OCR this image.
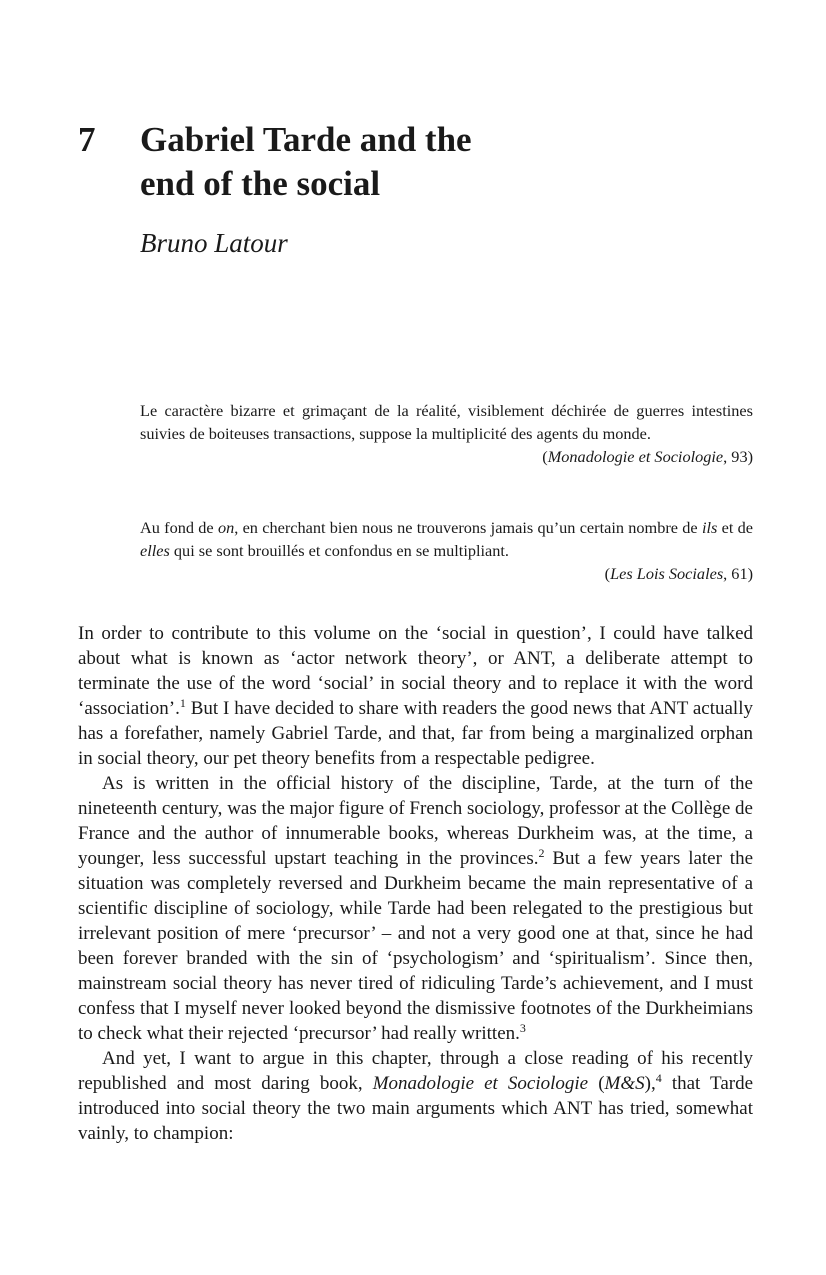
7 Gabriel Tarde and the
end of the social
Bruno Latour
Le caractère bizarre et grimaçant de la réalité, visiblement déchirée de guerres intestines suivies de boiteuses transactions, suppose la multiplicité des agents du monde.
(Monadologie et Sociologie, 93)
Au fond de on, en cherchant bien nous ne trouverons jamais qu’un certain nombre de ils et de elles qui se sont brouillés et confondus en se multipliant.
(Les Lois Sociales, 61)

In order to contribute to this volume on the ‘social in question’, I could have talked about what is known as ‘actor network theory’, or ANT, a deliberate attempt to terminate the use of the word ‘social’ in social theory and to replace it with the word ‘association’.$^1$ But I have decided to share with readers the good news that ANT actually has a forefather, namely Gabriel Tarde, and that, far from being a marginalized orphan in social theory, our pet theory benefits from a respectable pedigree.

As is written in the official history of the discipline, Tarde, at the turn of the nineteenth century, was the major figure of French sociology, professor at the Collège de France and the author of innumerable books, whereas Durkheim was, at the time, a younger, less successful upstart teaching in the provinces.$^2$ But a few years later the situation was completely reversed and Durkheim became the main representative of a scientific discipline of sociology, while Tarde had been relegated to the prestigious but irrelevant position of mere ‘precursor’ – and not a very good one at that, since he had been forever branded with the sin of ‘psychologism’ and ‘spiritualism’. Since then, mainstream social theory has never tired of ridiculing Tarde’s achievement, and I must confess that I myself never looked beyond the dismissive footnotes of the Durkheimians to check what their rejected ‘precursor’ had really written.$^3$

And yet, I want to argue in this chapter, through a close reading of his recently republished and most daring book, Monadologie et Sociologie (M&S),$^4$ that Tarde introduced into social theory the two main arguments which ANT has tried, somewhat vainly, to champion:
